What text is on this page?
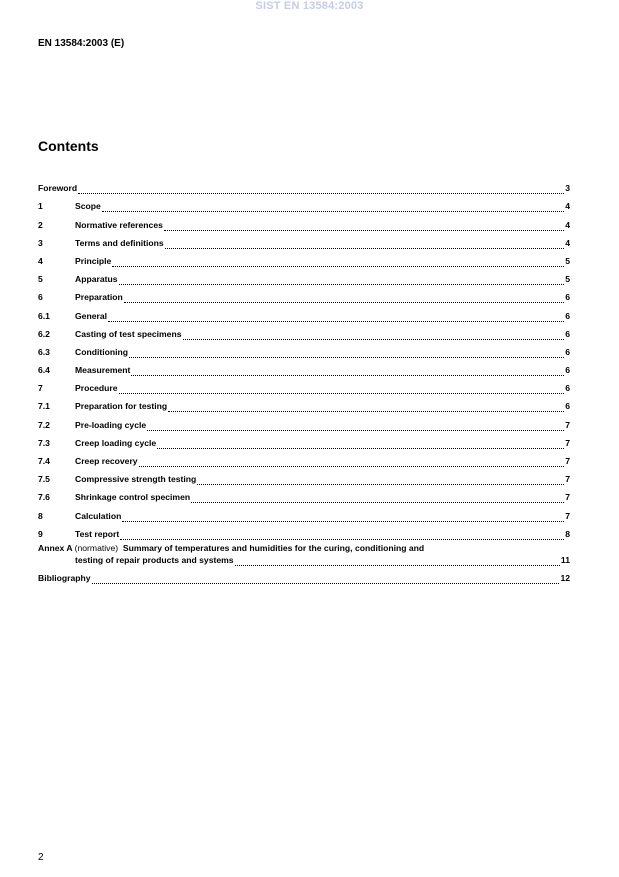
SIST EN 13584:2003
EN 13584:2003 (E)
Contents
Foreword	3
1	Scope	4
2	Normative references	4
3	Terms and definitions	4
4	Principle	5
5	Apparatus	5
6	Preparation	6
6.1	General	6
6.2	Casting of test specimens	6
6.3	Conditioning	6
6.4	Measurement	6
7	Procedure	6
7.1	Preparation for testing	6
7.2	Pre-loading cycle	7
7.3	Creep loading cycle	7
7.4	Creep recovery	7
7.5	Compressive strength testing	7
7.6	Shrinkage control specimen	7
8	Calculation	7
9	Test report	8
Annex A (normative) Summary of temperatures and humidities for the curing, conditioning and
testing of repair products and systems	11
Bibliography	12
2
